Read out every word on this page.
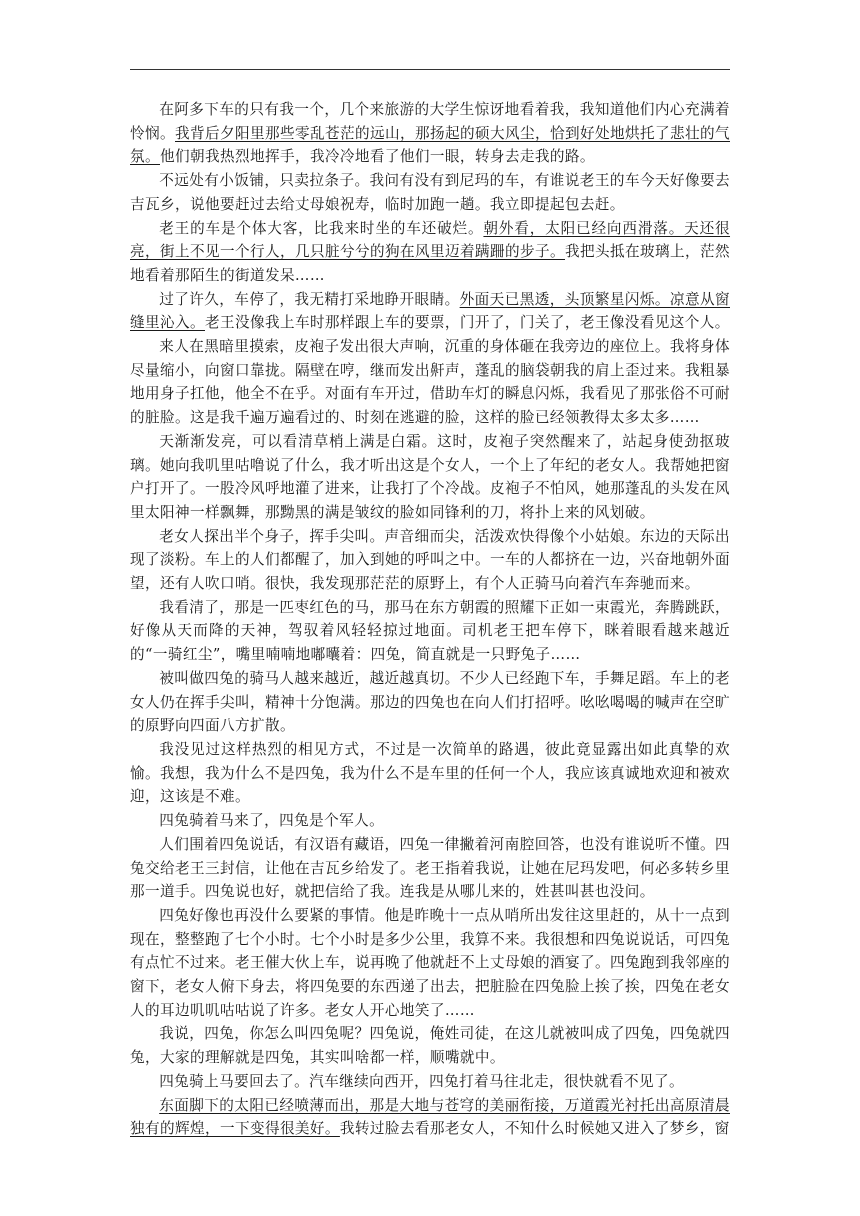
在阿多下车的只有我一个，几个来旅游的大学生惊讶地看着我，我知道他们内心充满着怜悯。我背后夕阳里那些零乱苍茫的远山，那扬起的硕大风尘，恰到好处地烘托了悲壮的气氛。他们朝我热烈地挥手，我冷冷地看了他们一眼，转身去走我的路。

不远处有小饭铺，只卖拉条子。我问有没有到尼玛的车，有谁说老王的车今天好像要去吉瓦乡，说他要赶过去给丈母娘祝寿，临时加跑一趟。我立即提起包去赶。

老王的车是个体大客，比我来时坐的车还破烂。朝外看，太阳已经向西滑落。天还很亮，街上不见一个行人，几只脏兮兮的狗在风里迈着蹒跚的步子。我把头抵在玻璃上，茫然地看着那陌生的街道发呆……

过了许久，车停了，我无精打采地睁开眼睛。外面天已黑透，头顶繁星闪烁。凉意从窗缝里沁入。老王没像我上车时那样跟上车的要票，门开了，门关了，老王像没看见这个人。

来人在黑暗里摸索，皮袍子发出很大声响，沉重的身体砸在我旁边的座位上。我将身体尽量缩小，向窗口靠拢。隔壁在哼，继而发出鼾声，蓬乱的脑袋朝我的肩上歪过来。我粗暴地用身子扛他，他全不在乎。对面有车开过，借助车灯的瞬息闪烁，我看见了那张俗不可耐的脏脸。这是我千遍万遍看过的、时刻在逃避的脸，这样的脸已经领教得太多太多……

天渐渐发亮，可以看清草梢上满是白霜。这时，皮袍子突然醒来了，站起身使劲抠玻璃。她向我叽里咕噜说了什么，我才听出这是个女人，一个上了年纪的老女人。我帮她把窗户打开了。一股冷风呼地灌了进来，让我打了个冷战。皮袍子不怕风，她那蓬乱的头发在风里太阳神一样飘舞，那黝黑的满是皱纹的脸如同锋利的刀，将扑上来的风划破。

老女人探出半个身子，挥手尖叫。声音细而尖，活泼欢快得像个小姑娘。东边的天际出现了淡粉。车上的人们都醒了，加入到她的呼叫之中。一车的人都挤在一边，兴奋地朝外面望，还有人吹口哨。很快，我发现那茫茫的原野上，有个人正骑马向着汽车奔驰而来。

我看清了，那是一匹枣红色的马，那马在东方朝霞的照耀下正如一束霞光，奔腾跳跃，好像从天而降的天神，驾驭着风轻轻掠过地面。司机老王把车停下，眯着眼看越来越近的“一骑红尘”，嘴里喃喃地嘟囔着：四兔，简直就是一只野兔子……

被叫做四兔的骑马人越来越近，越近越真切。不少人已经跑下车，手舞足蹈。车上的老女人仍在挥手尖叫，精神十分饱满。那边的四兔也在向人们打招呼。吆吆喝喝的喊声在空旷的原野向四面八方扩散。

我没见过这样热烈的相见方式，不过是一次简单的路遇，彼此竟显露出如此真挚的欢愉。我想，我为什么不是四兔，我为什么不是车里的任何一个人，我应该真诚地欢迎和被欢迎，这该是不难。

四兔骑着马来了，四兔是个军人。

人们围着四兔说话，有汉语有藏语，四兔一律撇着河南腔回答，也没有谁说听不懂。四兔交给老王三封信，让他在吉瓦乡给发了。老王指着我说，让她在尼玛发吧，何必多转乡里那一道手。四兔说也好，就把信给了我。连我是从哪儿来的，姓甚叫甚也没问。

四兔好像也再没什么要紧的事情。他是昨晚十一点从哨所出发往这里赶的，从十一点到现在，整整跑了七个小时。七个小时是多少公里，我算不来。我很想和四兔说说话，可四兔有点忙不过来。老王催大伙上车，说再晚了他就赶不上丈母娘的酒宴了。四兔跑到我邻座的窗下，老女人俯下身去，将四兔要的东西递了出去，把脏脸在四兔脸上挨了挨，四兔在老女人的耳边叽叽咕咕说了许多。老女人开心地笑了……

我说，四兔，你怎么叫四兔呢？四兔说，俺姓司徒，在这儿就被叫成了四兔，四兔就四兔，大家的理解就是四兔，其实叫啥都一样，顺嘴就中。

四兔骑上马要回去了。汽车继续向西开，四兔打着马往北走，很快就看不见了。

东面脚下的太阳已经喷薄而出，那是大地与苍穹的美丽衔接，万道霞光衬托出高原清晨独有的辉煌，一下变得很美好。我转过脸去看那老女人，不知什么时候她又进入了梦乡，窗
